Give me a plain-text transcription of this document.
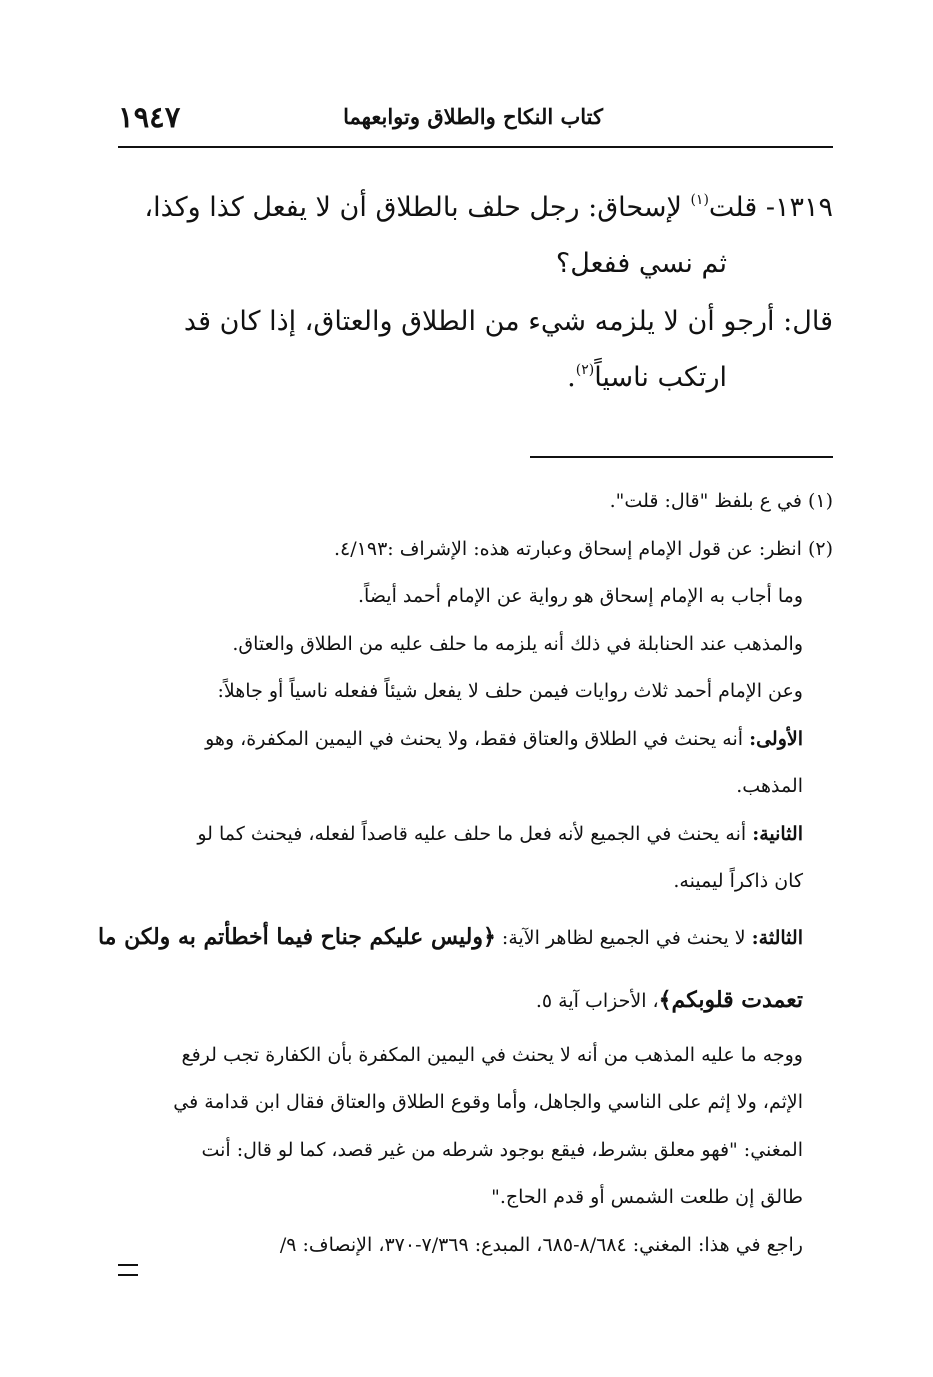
١٩٤٧	كتاب النكاح والطلاق وتوابعهما
١٣١٩- قلت$^{(١)}$ لإسحاق: رجل حلف بالطلاق أن لا يفعل كذا وكذا،
ثم نسي ففعل؟
قال: أرجو أن لا يلزمه شيء من الطلاق والعتاق، إذا كان قد
ارتكب ناسياً$^{(٢)}$.
(١) في ع بلفظ "قال: قلت".
(٢) انظر: عن قول الإمام إسحاق وعبارته هذه: الإشراف :٤/١٩٣.
وما أجاب به الإمام إسحاق هو رواية عن الإمام أحمد أيضاً.
والمذهب عند الحنابلة في ذلك أنه يلزمه ما حلف عليه من الطلاق والعتاق.
وعن الإمام أحمد ثلاث روايات فيمن حلف لا يفعل شيئاً ففعله ناسياً أو جاهلاً:
الأولى: أنه يحنث في الطلاق والعتاق فقط، ولا يحنث في اليمين المكفرة، وهو
المذهب.
الثانية: أنه يحنث في الجميع لأنه فعل ما حلف عليه قاصداً لفعله، فيحنث كما لو
كان ذاكراً ليمينه.
الثالثة: لا يحنث في الجميع لظاهر الآية: ﴿وليس عليكم جناح فيما أخطأتم به ولكن ما
تعمدت قلوبكم﴾، الأحزاب آية ٥.
ووجه ما عليه المذهب من أنه لا يحنث في اليمين المكفرة بأن الكفارة تجب لرفع
الإثم، ولا إثم على الناسي والجاهل، وأما وقوع الطلاق والعتاق فقال ابن قدامة في
المغني: "فهو معلق بشرط، فيقع بوجود شرطه من غير قصد، كما لو قال: أنت
طالق إن طلعت الشمس أو قدم الحاج."
راجع في هذا: المغني: ٨/٦٨٤-٦٨٥، المبدع: ٧/٣٦٩-٣٧٠، الإنصاف: ٩/
